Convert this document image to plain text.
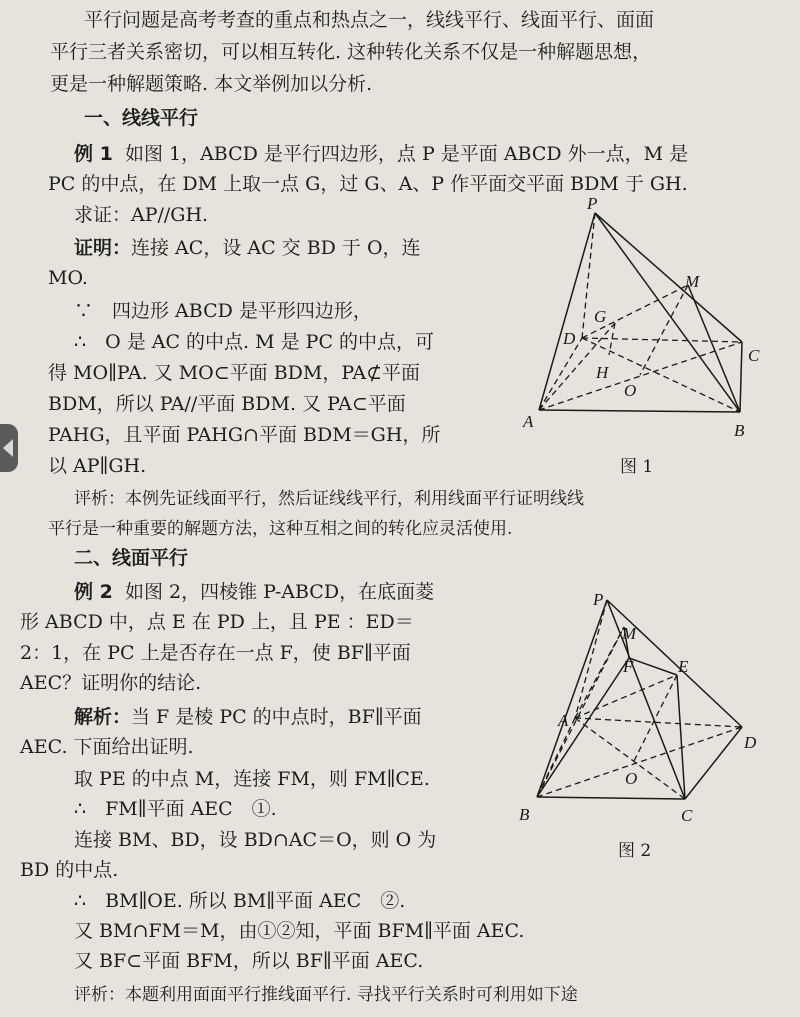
平行问题是高考考查的重点和热点之一，线线平行、线面平行、面面
平行三者关系密切，可以相互转化. 这种转化关系不仅是一种解题思想，
更是一种解题策略. 本文举例加以分析.
一、线线平行
例 1 如图 1，ABCD 是平行四边形，点 P 是平面 ABCD 外一点，M 是
PC 的中点，在 DM 上取一点 G，过 G、A、P 作平面交平面 BDM 于 GH.
求证：AP//GH.
证明：连接 AC，设 AC 交 BD 于 O，连
MO.
∵　四边形 ABCD 是平形四边形，
∴　O 是 AC 的中点. M 是 PC 的中点，可
得 MO∥PA. 又 MO⊂平面 BDM，PA⊄平面
BDM，所以 PA//平面 BDM. 又 PA⊂平面
PAHG，且平面 PAHG∩平面 BDM＝GH，所
以 AP∥GH.
评析：本例先证线面平行，然后证线线平行，利用线面平行证明线线
平行是一种重要的解题方法，这种互相之间的转化应灵活使用.
P
M
G
D
H
O
C
A	B
图 1
二、线面平行
例 2 如图 2，四棱锥 P-ABCD，在底面菱
形 ABCD 中，点 E 在 PD 上，且 PE ：ED＝
2：1，在 PC 上是否存在一点 F，使 BF∥平面
AEC？证明你的结论.
解析：当 F 是棱 PC 的中点时，BF∥平面
AEC. 下面给出证明.
取 PE 的中点 M，连接 FM，则 FM∥CE.
∴　FM∥平面 AEC　①.
连接 BM、BD，设 BD∩AC＝O，则 O 为
BD 的中点.
∴　BM∥OE. 所以 BM∥平面 AEC　②.
又 BM∩FM＝M，由①②知，平面 BFM∥平面 AEC.
又 BF⊂平面 BFM，所以 BF∥平面 AEC.
评析：本题利用面面平行推线面平行. 寻找平行关系时可利用如下途
P
M
F	E
A
D
O
B	C
图 2
